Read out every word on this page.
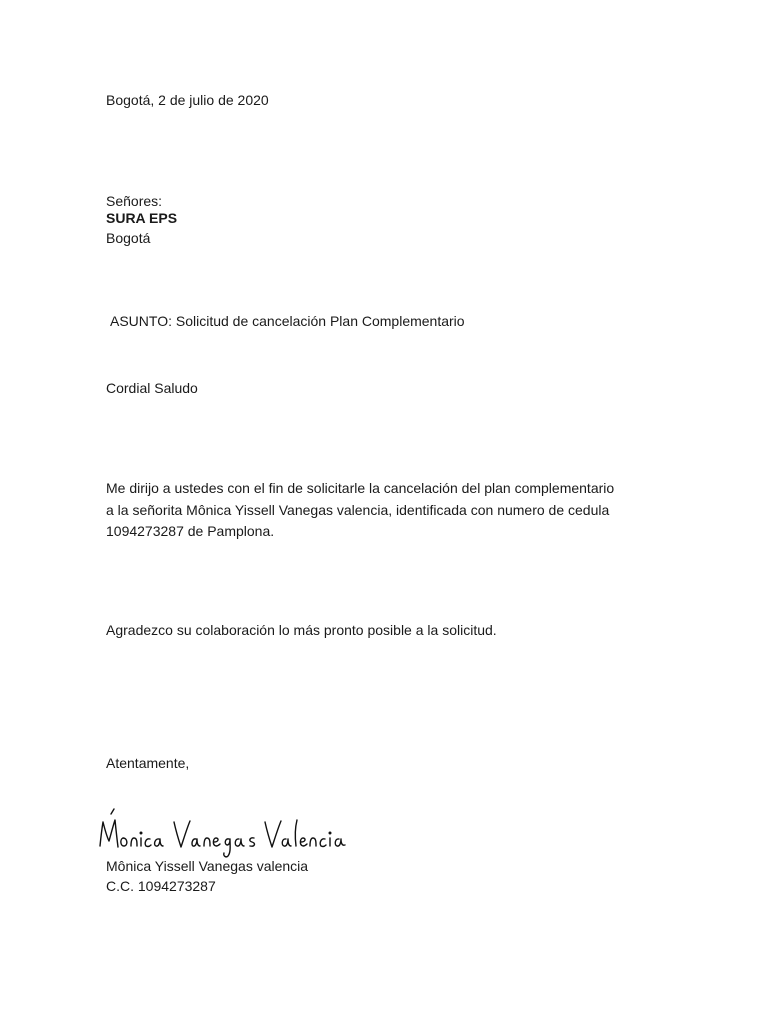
Bogotá, 2 de julio de 2020
Señores:
SURA EPS
Bogotá
ASUNTO: Solicitud de cancelación Plan Complementario
Cordial Saludo
Me dirijo a ustedes con el fin de solicitarle la cancelación del plan complementario
a la señorita Mônica Yissell Vanegas valencia, identificada con numero de cedula
1094273287 de Pamplona.
Agradezco su colaboración lo más pronto posible a la solicitud.
Atentamente,
Mônica Yissell Vanegas valencia
C.C. 1094273287
